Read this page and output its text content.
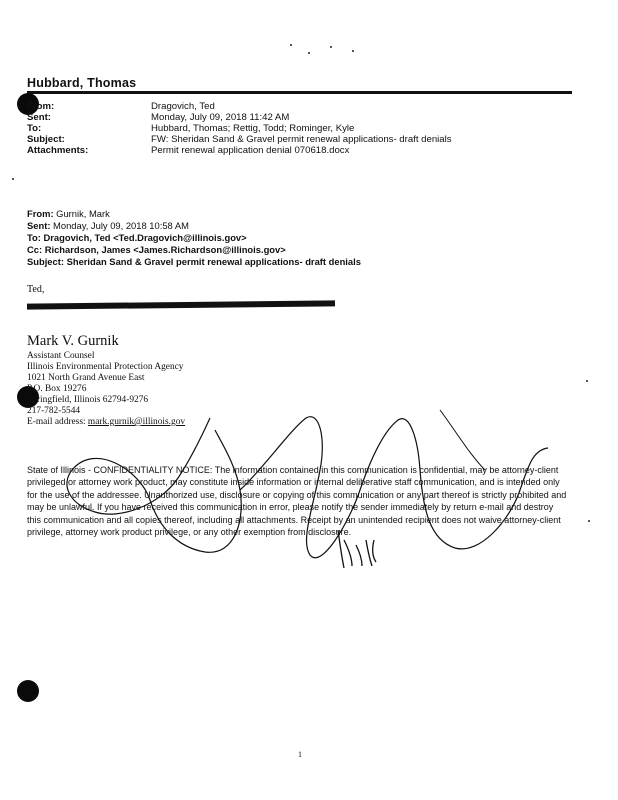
Hubbard, Thomas
From:	Dragovich, Ted
Sent:	Monday, July 09, 2018 11:42 AM
To:	Hubbard, Thomas; Rettig, Todd; Rominger, Kyle
Subject:	FW: Sheridan Sand & Gravel permit renewal applications- draft denials
Attachments:	Permit renewal application denial 070618.docx
From: Gurnik, Mark
Sent: Monday, July 09, 2018 10:58 AM
To: Dragovich, Ted <Ted.Dragovich@illinois.gov>
Cc: Richardson, James <James.Richardson@illinois.gov>
Subject: Sheridan Sand & Gravel permit renewal applications- draft denials
Ted,
Mark V. Gurnik
Assistant Counsel
Illinois Environmental Protection Agency
1021 North Grand Avenue East
P.O. Box 19276
Springfield, Illinois 62794-9276
217-782-5544
E-mail address: mark.gurnik@illinois.gov
State of Illinois - CONFIDENTIALITY NOTICE: The information contained in this communication is confidential, may be attorney-client privileged or attorney work product, may constitute inside information or internal deliberative staff communication, and is intended only for the use of the addressee. Unauthorized use, disclosure or copying of this communication or any part thereof is strictly prohibited and may be unlawful. If you have received this communication in error, please notify the sender immediately by return e-mail and destroy this communication and all copies thereof, including all attachments. Receipt by an unintended recipient does not waive attorney-client privilege, attorney work product privilege, or any other exemption from disclosure.
1
